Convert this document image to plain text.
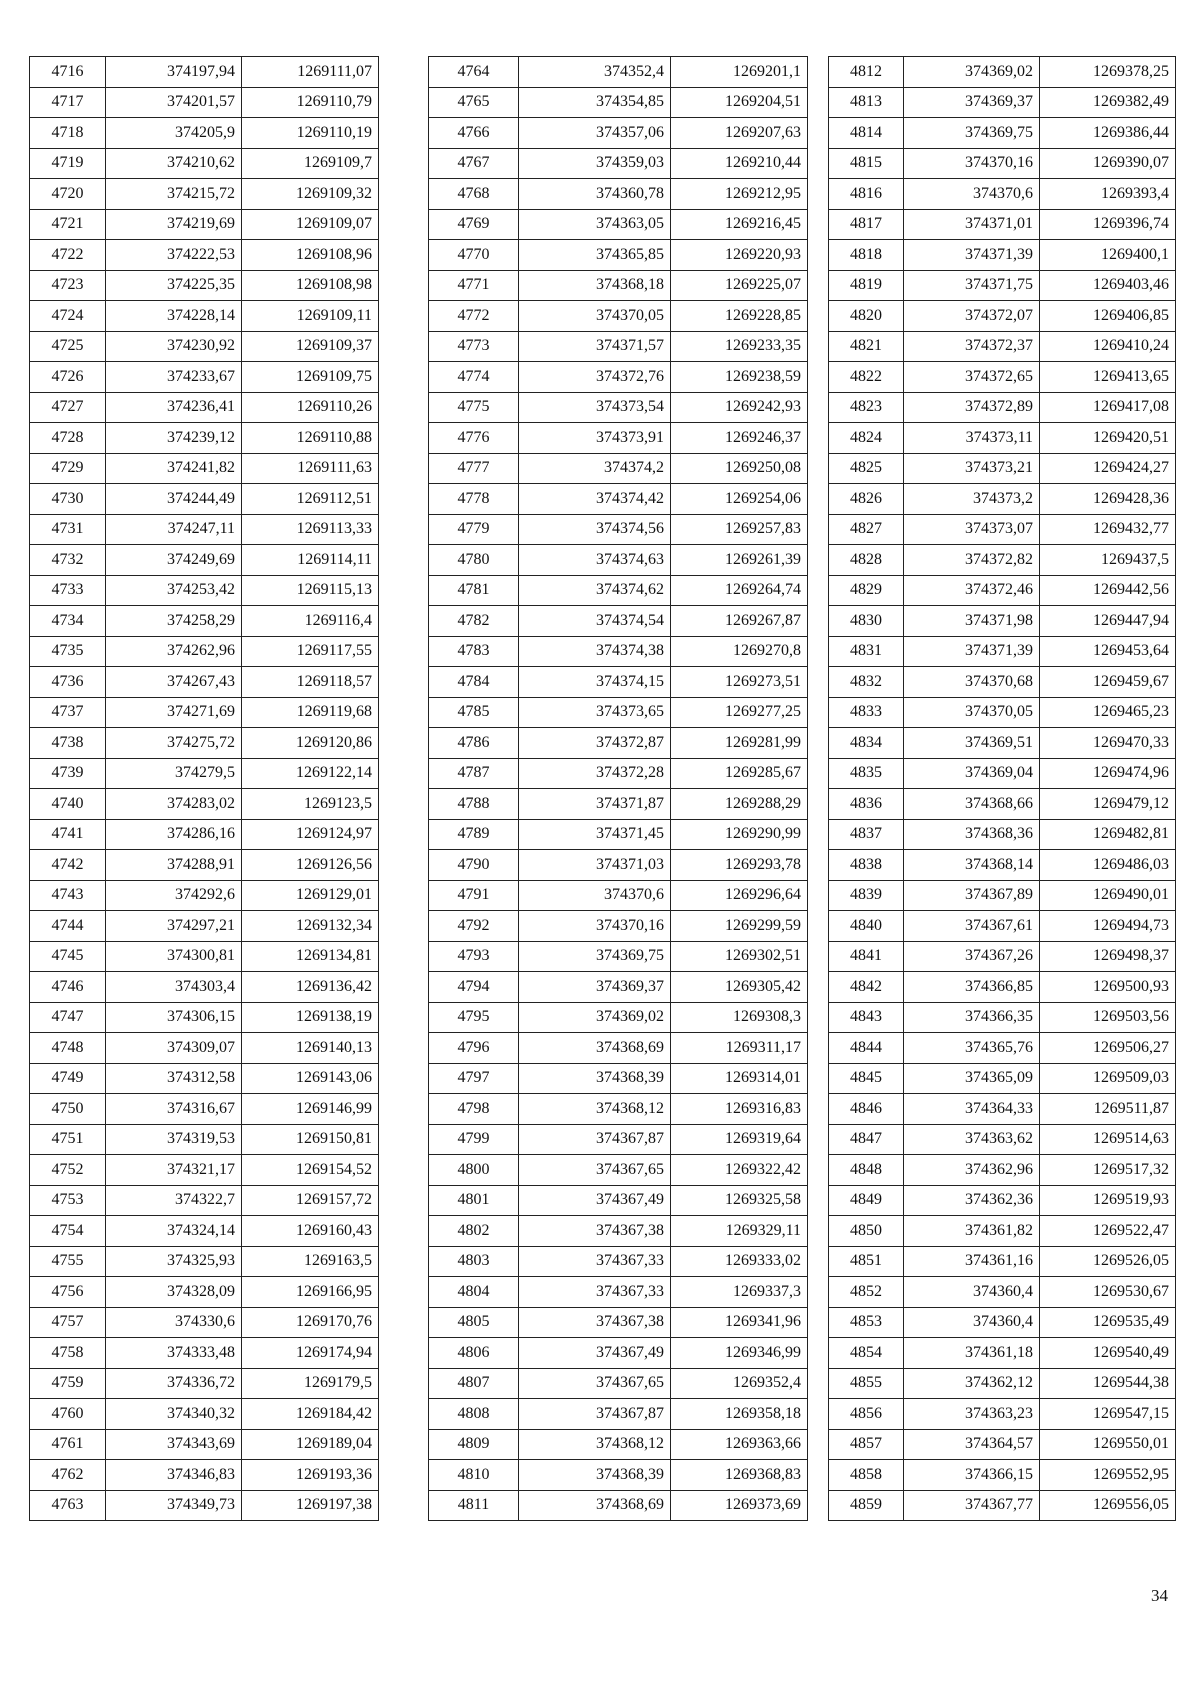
4716	374197,94	1269111,07
4717	374201,57	1269110,79
4718	374205,9	1269110,19
4719	374210,62	1269109,7
4720	374215,72	1269109,32
4721	374219,69	1269109,07
4722	374222,53	1269108,96
4723	374225,35	1269108,98
4724	374228,14	1269109,11
4725	374230,92	1269109,37
4726	374233,67	1269109,75
4727	374236,41	1269110,26
4728	374239,12	1269110,88
4729	374241,82	1269111,63
4730	374244,49	1269112,51
4731	374247,11	1269113,33
4732	374249,69	1269114,11
4733	374253,42	1269115,13
4734	374258,29	1269116,4
4735	374262,96	1269117,55
4736	374267,43	1269118,57
4737	374271,69	1269119,68
4738	374275,72	1269120,86
4739	374279,5	1269122,14
4740	374283,02	1269123,5
4741	374286,16	1269124,97
4742	374288,91	1269126,56
4743	374292,6	1269129,01
4744	374297,21	1269132,34
4745	374300,81	1269134,81
4746	374303,4	1269136,42
4747	374306,15	1269138,19
4748	374309,07	1269140,13
4749	374312,58	1269143,06
4750	374316,67	1269146,99
4751	374319,53	1269150,81
4752	374321,17	1269154,52
4753	374322,7	1269157,72
4754	374324,14	1269160,43
4755	374325,93	1269163,5
4756	374328,09	1269166,95
4757	374330,6	1269170,76
4758	374333,48	1269174,94
4759	374336,72	1269179,5
4760	374340,32	1269184,42
4761	374343,69	1269189,04
4762	374346,83	1269193,36
4763	374349,73	1269197,38
4764	374352,4	1269201,1
4765	374354,85	1269204,51
4766	374357,06	1269207,63
4767	374359,03	1269210,44
4768	374360,78	1269212,95
4769	374363,05	1269216,45
4770	374365,85	1269220,93
4771	374368,18	1269225,07
4772	374370,05	1269228,85
4773	374371,57	1269233,35
4774	374372,76	1269238,59
4775	374373,54	1269242,93
4776	374373,91	1269246,37
4777	374374,2	1269250,08
4778	374374,42	1269254,06
4779	374374,56	1269257,83
4780	374374,63	1269261,39
4781	374374,62	1269264,74
4782	374374,54	1269267,87
4783	374374,38	1269270,8
4784	374374,15	1269273,51
4785	374373,65	1269277,25
4786	374372,87	1269281,99
4787	374372,28	1269285,67
4788	374371,87	1269288,29
4789	374371,45	1269290,99
4790	374371,03	1269293,78
4791	374370,6	1269296,64
4792	374370,16	1269299,59
4793	374369,75	1269302,51
4794	374369,37	1269305,42
4795	374369,02	1269308,3
4796	374368,69	1269311,17
4797	374368,39	1269314,01
4798	374368,12	1269316,83
4799	374367,87	1269319,64
4800	374367,65	1269322,42
4801	374367,49	1269325,58
4802	374367,38	1269329,11
4803	374367,33	1269333,02
4804	374367,33	1269337,3
4805	374367,38	1269341,96
4806	374367,49	1269346,99
4807	374367,65	1269352,4
4808	374367,87	1269358,18
4809	374368,12	1269363,66
4810	374368,39	1269368,83
4811	374368,69	1269373,69
4812	374369,02	1269378,25
4813	374369,37	1269382,49
4814	374369,75	1269386,44
4815	374370,16	1269390,07
4816	374370,6	1269393,4
4817	374371,01	1269396,74
4818	374371,39	1269400,1
4819	374371,75	1269403,46
4820	374372,07	1269406,85
4821	374372,37	1269410,24
4822	374372,65	1269413,65
4823	374372,89	1269417,08
4824	374373,11	1269420,51
4825	374373,21	1269424,27
4826	374373,2	1269428,36
4827	374373,07	1269432,77
4828	374372,82	1269437,5
4829	374372,46	1269442,56
4830	374371,98	1269447,94
4831	374371,39	1269453,64
4832	374370,68	1269459,67
4833	374370,05	1269465,23
4834	374369,51	1269470,33
4835	374369,04	1269474,96
4836	374368,66	1269479,12
4837	374368,36	1269482,81
4838	374368,14	1269486,03
4839	374367,89	1269490,01
4840	374367,61	1269494,73
4841	374367,26	1269498,37
4842	374366,85	1269500,93
4843	374366,35	1269503,56
4844	374365,76	1269506,27
4845	374365,09	1269509,03
4846	374364,33	1269511,87
4847	374363,62	1269514,63
4848	374362,96	1269517,32
4849	374362,36	1269519,93
4850	374361,82	1269522,47
4851	374361,16	1269526,05
4852	374360,4	1269530,67
4853	374360,4	1269535,49
4854	374361,18	1269540,49
4855	374362,12	1269544,38
4856	374363,23	1269547,15
4857	374364,57	1269550,01
4858	374366,15	1269552,95
4859	374367,77	1269556,05
34
